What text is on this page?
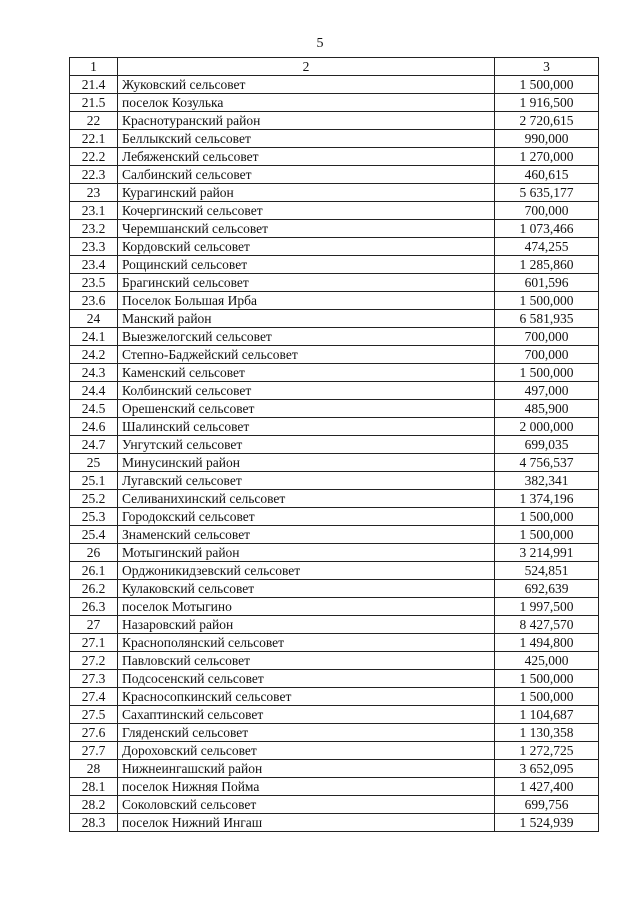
5
1	2	3
21.4	Жуковский сельсовет	1 500,000
21.5	поселок Козулька	1 916,500
22	Краснотуранский район	2 720,615
22.1	Беллыкский сельсовет	990,000
22.2	Лебяженский сельсовет	1 270,000
22.3	Салбинский сельсовет	460,615
23	Курагинский район	5 635,177
23.1	Кочергинский сельсовет	700,000
23.2	Черемшанский сельсовет	1 073,466
23.3	Кордовский сельсовет	474,255
23.4	Рощинский сельсовет	1 285,860
23.5	Брагинский сельсовет	601,596
23.6	Поселок Большая Ирба	1 500,000
24	Манский район	6 581,935
24.1	Выезжелогский сельсовет	700,000
24.2	Степно-Баджейский сельсовет	700,000
24.3	Каменский сельсовет	1 500,000
24.4	Колбинский сельсовет	497,000
24.5	Орешенский сельсовет	485,900
24.6	Шалинский сельсовет	2 000,000
24.7	Унгутский сельсовет	699,035
25	Минусинский район	4 756,537
25.1	Лугавский сельсовет	382,341
25.2	Селиванихинский сельсовет	1 374,196
25.3	Городокский сельсовет	1 500,000
25.4	Знаменский сельсовет	1 500,000
26	Мотыгинский район	3 214,991
26.1	Орджоникидзевский сельсовет	524,851
26.2	Кулаковский сельсовет	692,639
26.3	поселок Мотыгино	1 997,500
27	Назаровский район	8 427,570
27.1	Краснополянский сельсовет	1 494,800
27.2	Павловский сельсовет	425,000
27.3	Подсосенский сельсовет	1 500,000
27.4	Красносопкинский сельсовет	1 500,000
27.5	Сахаптинский сельсовет	1 104,687
27.6	Гляденский сельсовет	1 130,358
27.7	Дороховский сельсовет	1 272,725
28	Нижнеингашский район	3 652,095
28.1	поселок Нижняя Пойма	1 427,400
28.2	Соколовский сельсовет	699,756
28.3	поселок Нижний Ингаш	1 524,939
